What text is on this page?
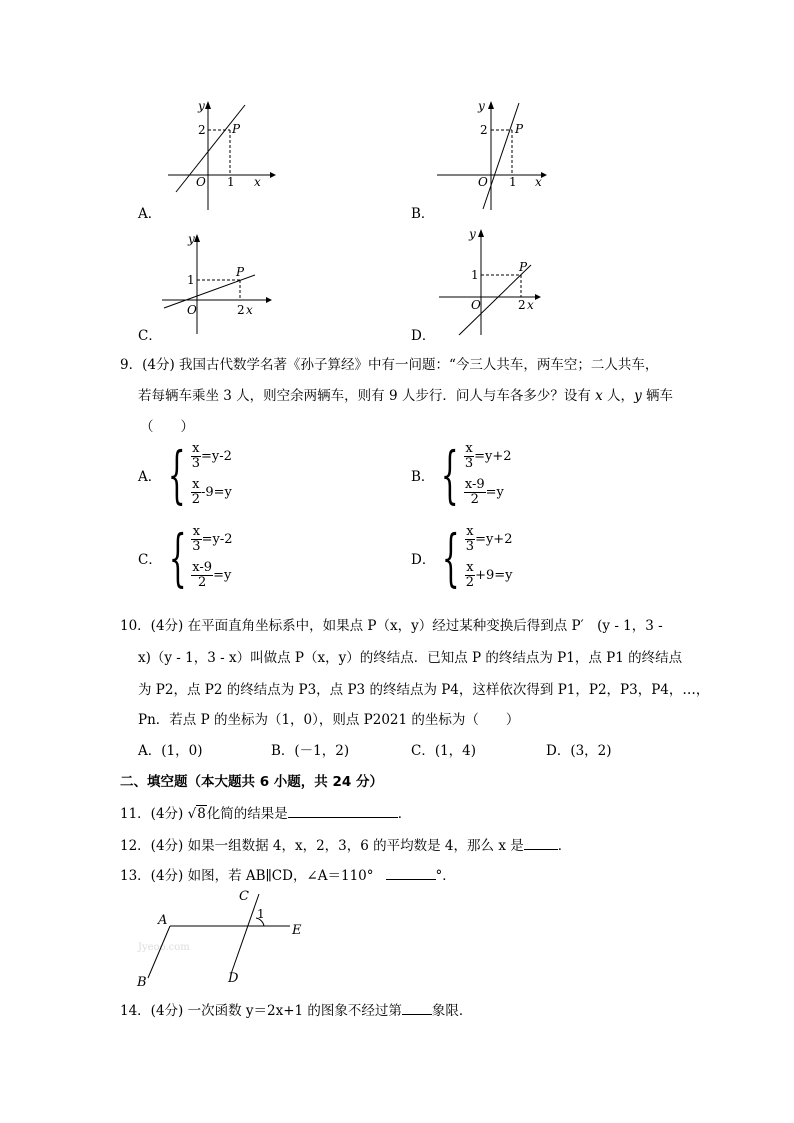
A．
y
2 P
O 1 x
B．
y
2 P
O 1 x
C．
y
1
P
O	2 x
D．
y
1
P
O	2 x
9．(4分) 我国古代数学名著《孙子算经》中有一问题：“今三人共车，两车空；二人共车，
若每辆车乘坐 3 人，则空余两辆车，则有 9 人步行．问人与车各多少？设有 x 人，y 辆车
（　　）
A． { $\frac{x}{3} =y-2$
$\frac{x}{2} -9=y$
B． { $\frac{x}{3} =y+2$
$\frac{x-9}{2} =y$
C． { $\frac{x}{3} =y-2$
$\frac{x-9}{2} =y$
D． { $\frac{x}{3} =y+2$
$\frac{x}{2} +9=y$
10．(4分) 在平面直角坐标系中，如果点 P（x，y）经过某种变换后得到点 P′　(y - 1，3 -
x)（y - 1，3 - x）叫做点 P（x，y）的终结点．已知点 P 的终结点为 P1，点 P1 的终结点
为 P2，点 P2 的终结点为 P3，点 P3 的终结点为 P4，这样依次得到 P1，P2，P3，P4，…，
Pn．若点 P 的坐标为（1，0），则点 P2021 的坐标为（　　）
A．(1，0)	B．(－1，2)	C．(1，4)	D．(3，2)
二、填空题（本大题共 6 小题，共 24 分）
11．(4分) √8化简的结果是	．
12．(4分) 如果一组数据 4，x，2，3，6 的平均数是 4，那么 x 是	．
13．(4分) 如图，若 AB∥CD，∠A＝110°	°．
Jyeoo.com
A
B
C
D
E
1
14．(4分) 一次函数 y＝2x+1 的图象不经过第 象限．
